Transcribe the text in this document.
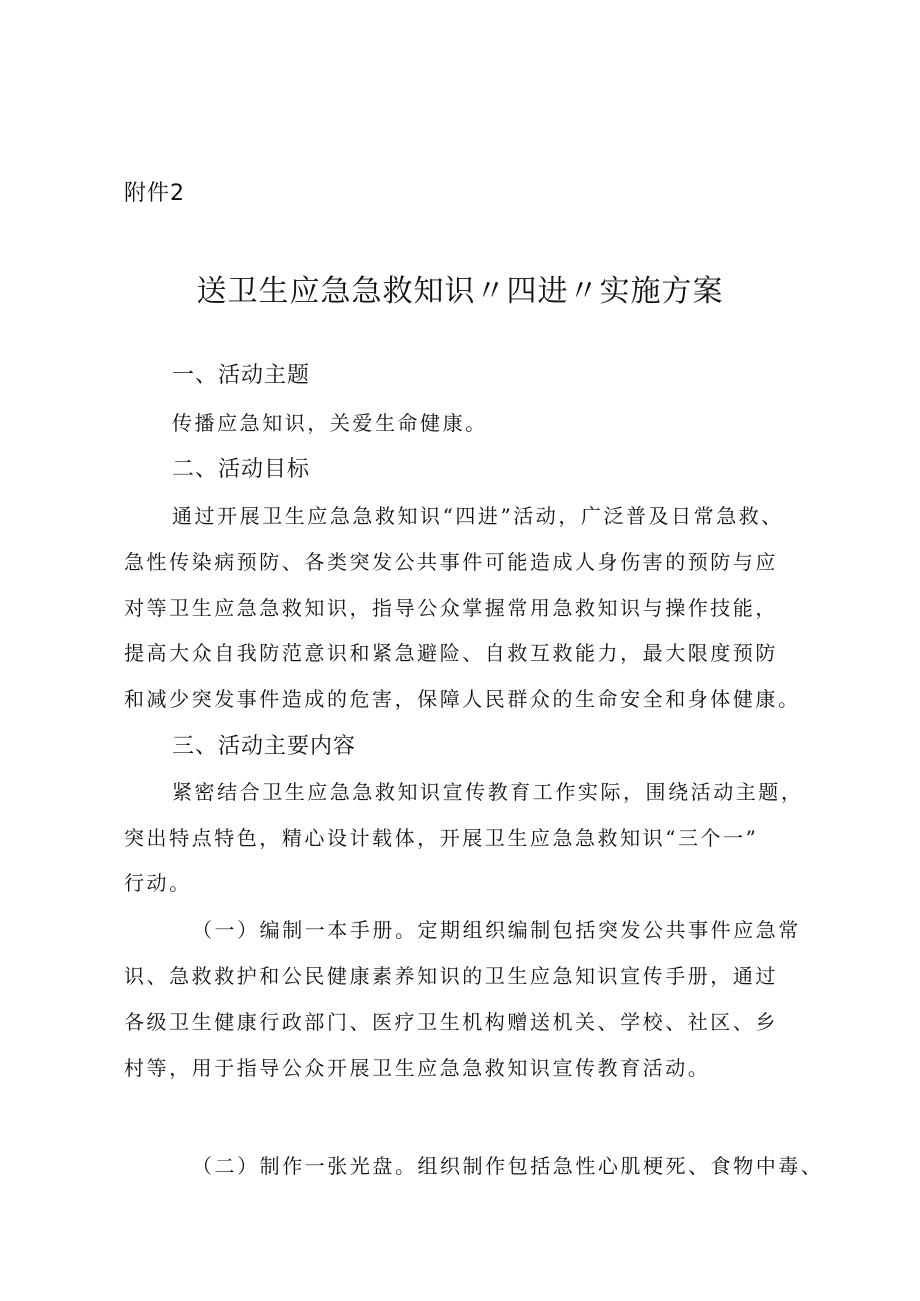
附件2
送卫生应急急救知识〃四进〃实施方案
一、活动主题
传播应急知识，关爱生命健康。
二、活动目标
通过开展卫生应急急救知识“四进”活动，广泛普及日常急救、
急性传染病预防、各类突发公共事件可能造成人身伤害的预防与应
对等卫生应急急救知识，指导公众掌握常用急救知识与操作技能，
提高大众自我防范意识和紧急避险、自救互救能力，最大限度预防
和减少突发事件造成的危害，保障人民群众的生命安全和身体健康。
三、活动主要内容
紧密结合卫生应急急救知识宣传教育工作实际，围绕活动主题，
突出特点特色，精心设计载体，开展卫生应急急救知识“三个一”
行动。
（一）编制一本手册。定期组织编制包括突发公共事件应急常
识、急救救护和公民健康素养知识的卫生应急知识宣传手册，通过
各级卫生健康行政部门、医疗卫生机构赠送机关、学校、社区、乡
村等，用于指导公众开展卫生应急急救知识宣传教育活动。
（二）制作一张光盘。组织制作包括急性心肌梗死、食物中毒、
